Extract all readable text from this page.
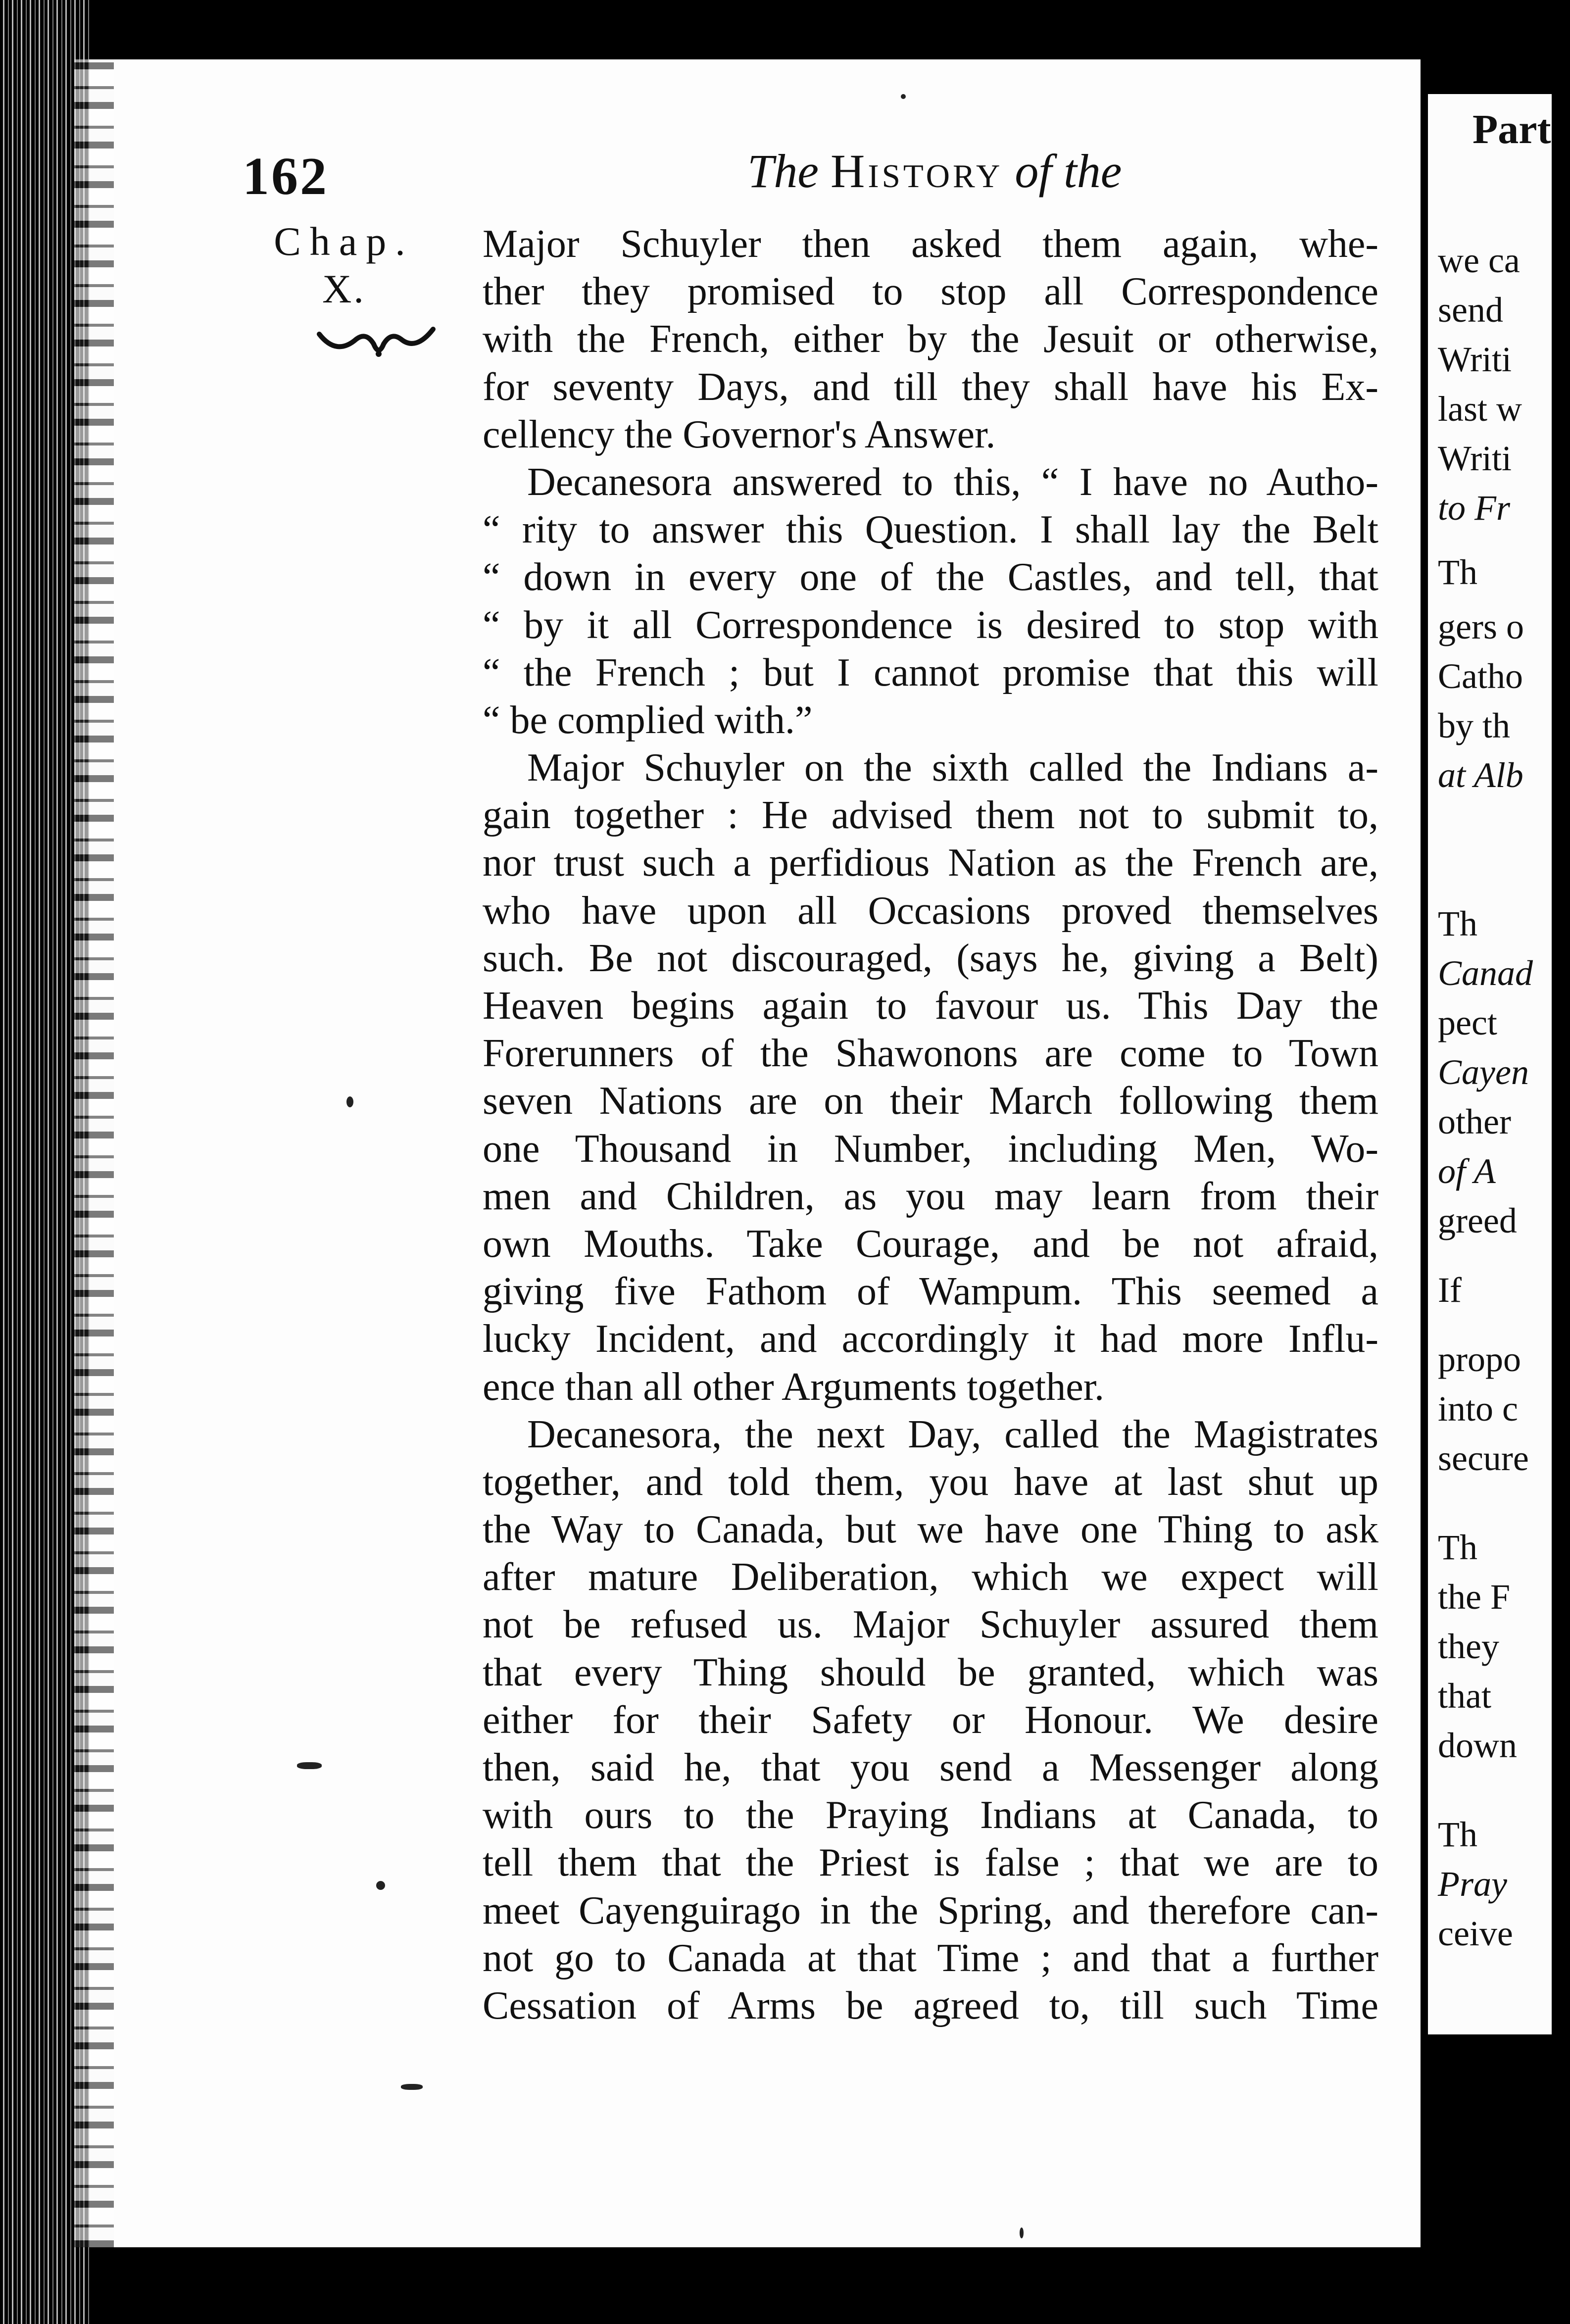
162	The History of the
Chap.
X.
Major Schuyler then asked them again, whe-
ther they promised to stop all Correspondence
with the French, either by the Jesuit or otherwise,
for seventy Days, and till they shall have his Ex-
cellency the Governor's Answer.
Decanesora answered to this, “ I have no Autho-
“ rity to answer this Question. I shall lay the Belt
“ down in every one of the Castles, and tell, that
“ by it all Correspondence is desired to stop with
“ the French ; but I cannot promise that this will
“ be complied with.”
Major Schuyler on the sixth called the Indians a-
gain together : He advised them not to submit to,
nor trust such a perfidious Nation as the French are,
who have upon all Occasions proved themselves
such. Be not discouraged, (says he, giving a Belt)
Heaven begins again to favour us. This Day the
Forerunners of the Shawonons are come to Town
seven Nations are on their March following them
one Thousand in Number, including Men, Wo-
men and Children, as you may learn from their
own Mouths. Take Courage, and be not afraid,
giving five Fathom of Wampum. This seemed a
lucky Incident, and accordingly it had more Influ-
ence than all other Arguments together.
Decanesora, the next Day, called the Magistrates
together, and told them, you have at last shut up
the Way to Canada, but we have one Thing to ask
after mature Deliberation, which we expect will
not be refused us. Major Schuyler assured them
that every Thing should be granted, which was
either for their Safety or Honour. We desire
then, said he, that you send a Messenger along
with ours to the Praying Indians at Canada, to
tell them that the Priest is false ; that we are to
meet Cayenguirago in the Spring, and therefore can-
not go to Canada at that Time ; and that a further
Cessation of Arms be agreed to, till such Time
Part
we ca
send
Writi
last w
Writi
to Fr
Th
gers o
Catho
by th
at Alb
Th
Canad
pect
Cayen
other
of A
greed
If
propo
into c
secure
Th
the F
they
that
down
Th
Pray
ceive
